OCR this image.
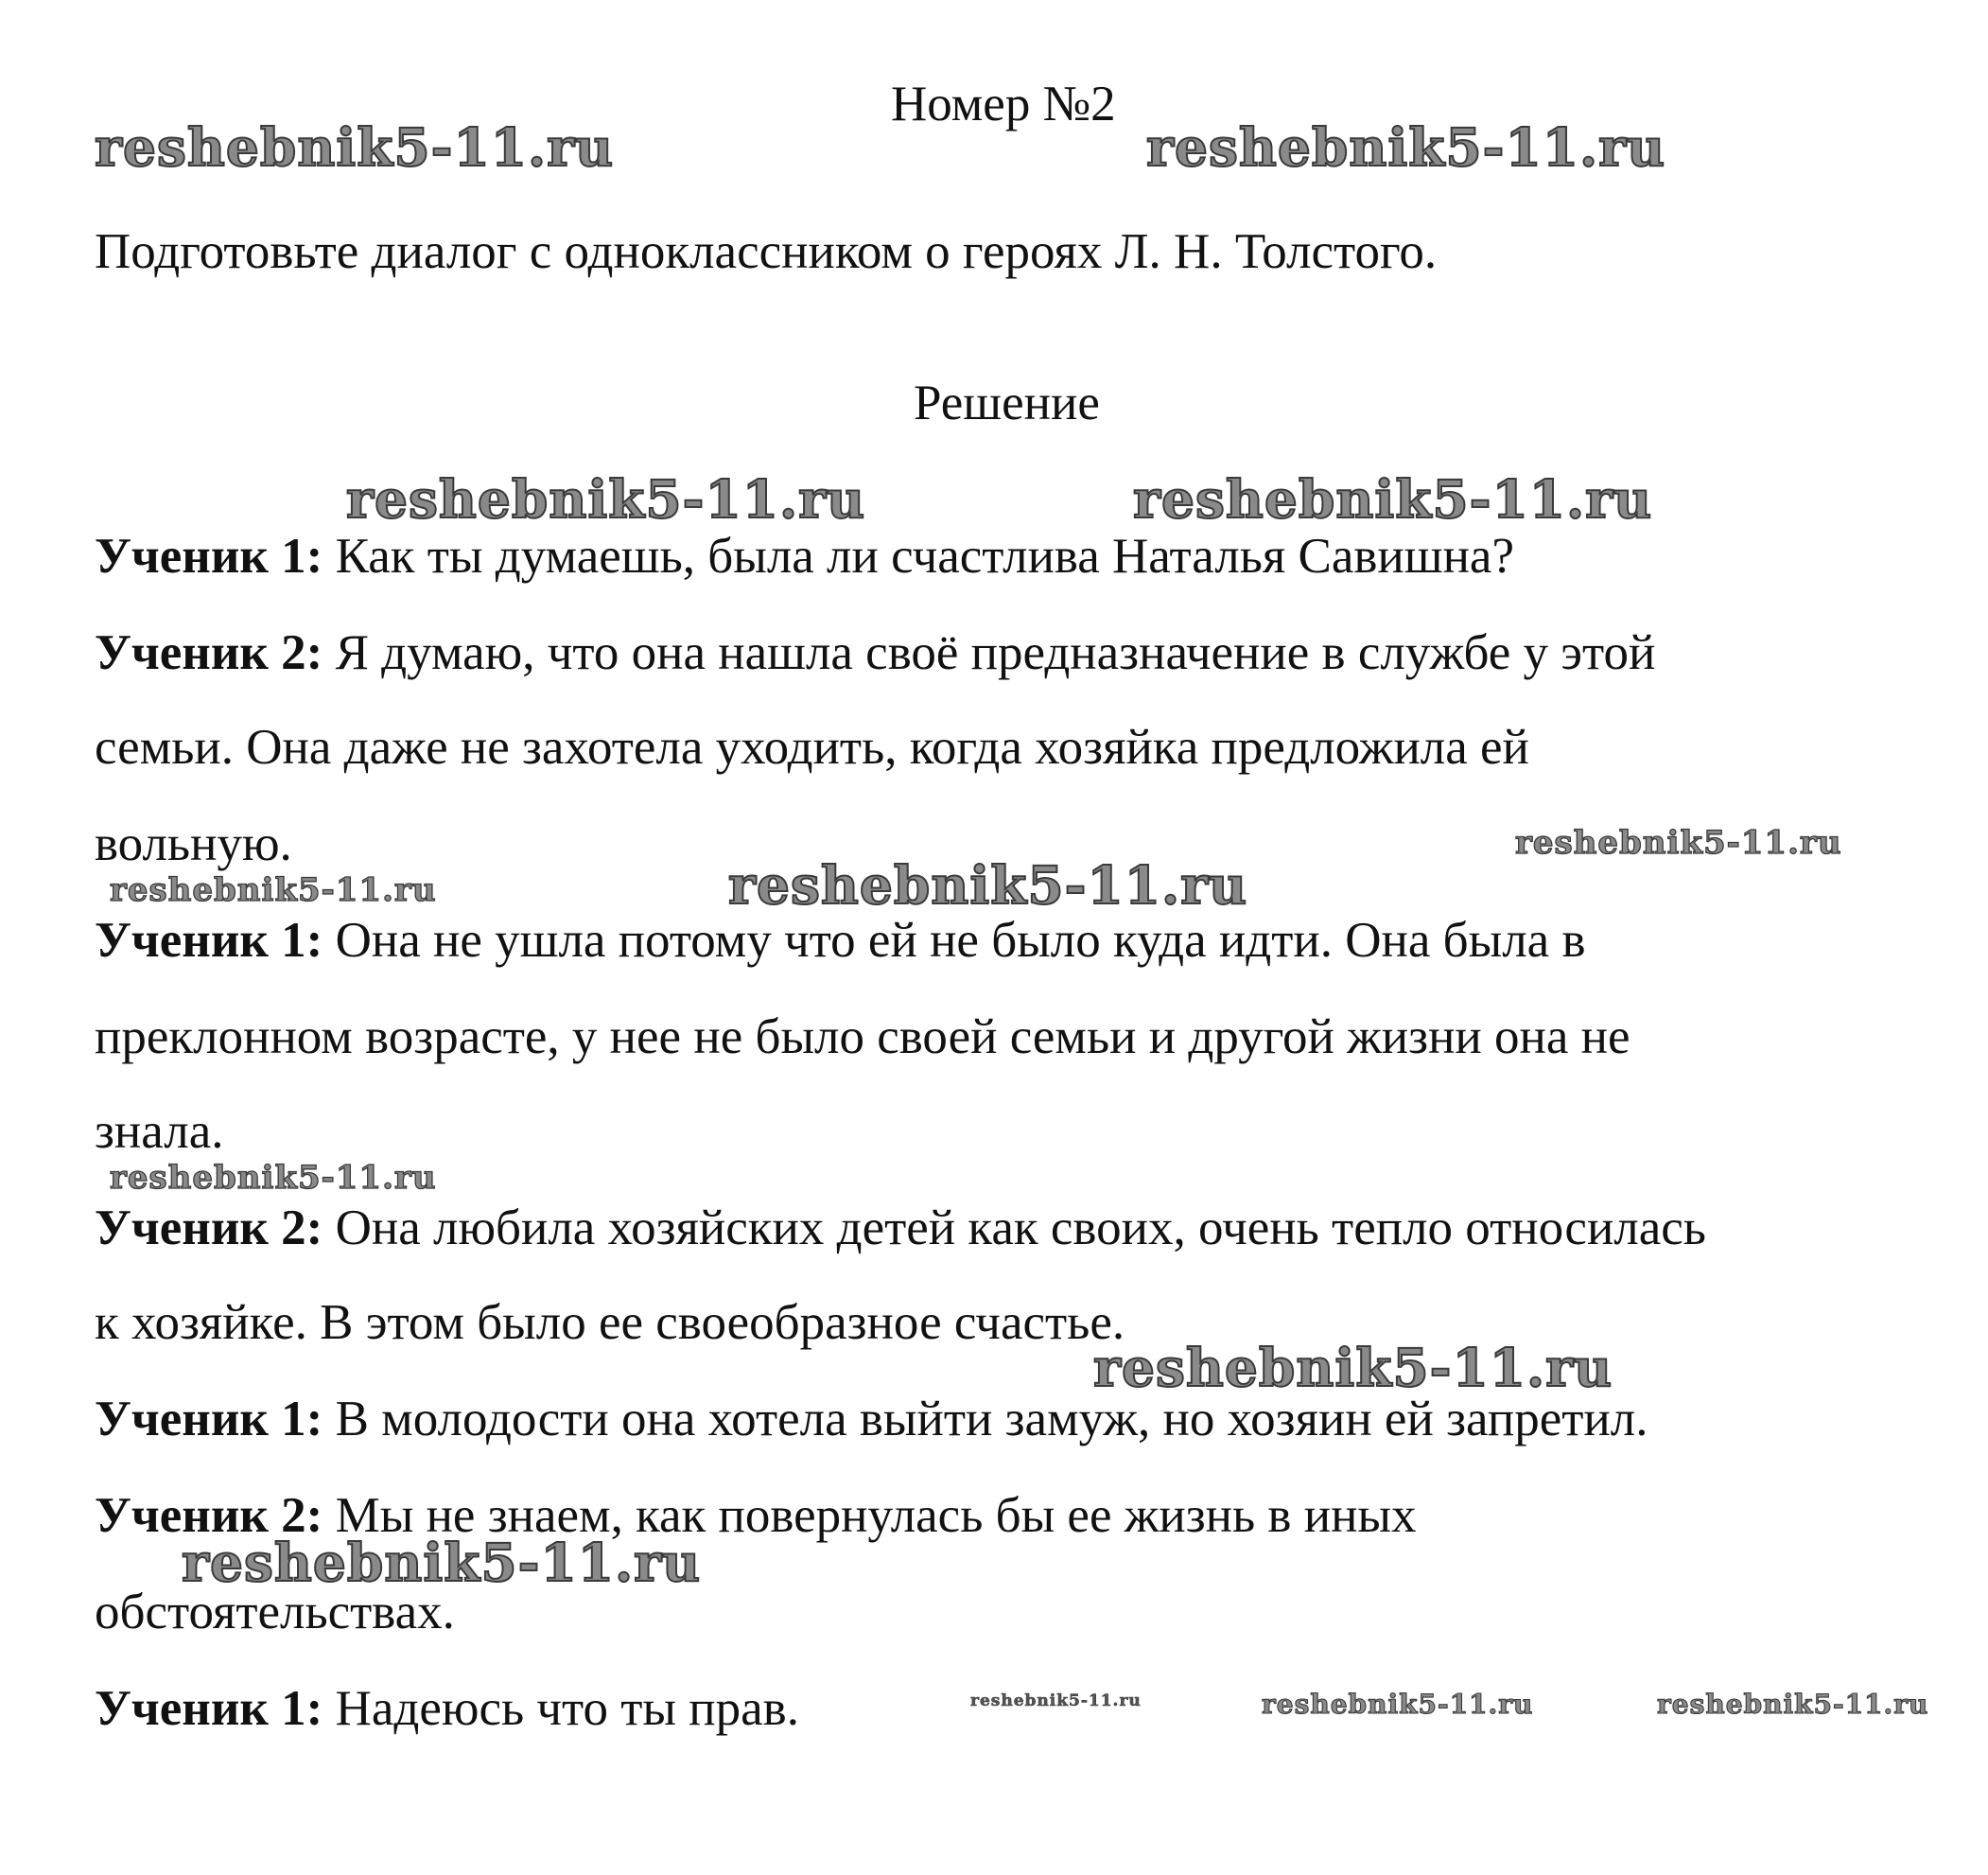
Номер №2
Подготовьте диалог с одноклассником о героях Л. Н. Толстого.
Решение
Ученик 1: Как ты думаешь, была ли счастлива Наталья Савишна?
Ученик 2: Я думаю, что она нашла своё предназначение в службе у этой
семьи. Она даже не захотела уходить, когда хозяйка предложила ей
вольную.
Ученик 1: Она не ушла потому что ей не было куда идти. Она была в
преклонном возрасте, у нее не было своей семьи и другой жизни она не
знала.
Ученик 2: Она любила хозяйских детей как своих, очень тепло относилась
к хозяйке. В этом было ее своеобразное счастье.
Ученик 1: В молодости она хотела выйти замуж, но хозяин ей запретил.
Ученик 2: Мы не знаем, как повернулась бы ее жизнь в иных
обстоятельствах.
Ученик 1: Надеюсь что ты прав.
reshebnik5-11.ru	reshebnik5-11.ru
reshebnik5-11.ru	reshebnik5-11.ru
reshebnik5-11.ru
reshebnik5-11.ru	reshebnik5-11.ru
reshebnik5-11.ru
reshebnik5-11.ru
reshebnik5-11.ru
reshebnik5-11.ru	reshebnik5-11.ru	reshebnik5-11.ru
